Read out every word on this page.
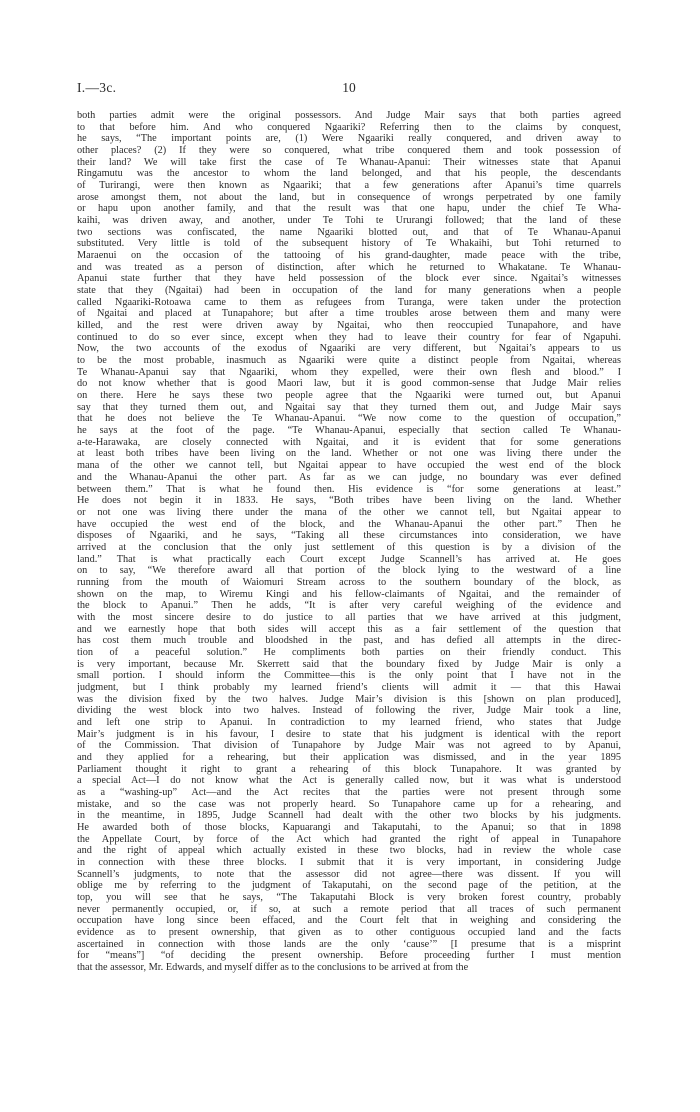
I.—3c.	10
both parties admit were the original possessors. And Judge Mair says that both parties agreed
to that before him. And who conquered Ngaariki? Referring then to the claims by conquest,
he says, “The important points are, (1) Were Ngaariki really conquered, and driven away to
other places? (2) If they were so conquered, what tribe conquered them and took possession of
their land? We will take first the case of Te Whanau-Apanui: Their witnesses state that Apanui
Ringamutu was the ancestor to whom the land belonged, and that his people, the descendants
of Turirangi, were then known as Ngaariki; that a few generations after Apanui’s time quarrels
arose amongst them, not about the land, but in consequence of wrongs perpetrated by one family
or hapu upon another family, and that the result was that one hapu, under the chief Te Wha-
kaihi, was driven away, and another, under Te Tohi te Ururangi followed; that the land of these
two sections was confiscated, the name Ngaariki blotted out, and that of Te Whanau-Apanui
substituted. Very little is told of the subsequent history of Te Whakaihi, but Tohi returned to
Maraenui on the occasion of the tattooing of his grand-daughter, made peace with the tribe,
and was treated as a person of distinction, after which he returned to Whakatane. Te Whanau-
Apanui state further that they have held possession of the block ever since. Ngaitai’s witnesses
state that they (Ngaitai) had been in occupation of the land for many generations when a people
called Ngaariki-Rotoawa came to them as refugees from Turanga, were taken under the protection
of Ngaitai and placed at Tunapahore; but after a time troubles arose between them and many were
killed, and the rest were driven away by Ngaitai, who then reoccupied Tunapahore, and have
continued to do so ever since, except when they had to leave their country for fear of Ngapuhi.
Now, the two accounts of the exodus of Ngaariki are very different, but Ngaitai’s appears to us
to be the most probable, inasmuch as Ngaariki were quite a distinct people from Ngaitai, whereas
Te Whanau-Apanui say that Ngaariki, whom they expelled, were their own flesh and blood.” I
do not know whether that is good Maori law, but it is good common-sense that Judge Mair relies
on there. Here he says these two people agree that the Ngaariki were turned out, but Apanui
say that they turned them out, and Ngaitai say that they turned them out, and Judge Mair says
that he does not believe the Te Whanau-Apanui. “We now come to the question of occupation,”
he says at the foot of the page. “Te Whanau-Apanui, especially that section called Te Whanau-
a-te-Harawaka, are closely connected with Ngaitai, and it is evident that for some generations
at least both tribes have been living on the land. Whether or not one was living there under the
mana of the other we cannot tell, but Ngaitai appear to have occupied the west end of the block
and the Whanau-Apanui the other part. As far as we can judge, no boundary was ever defined
between them.” That is what he found then. His evidence is “for some generations at least.”
He does not begin it in 1833. He says, “Both tribes have been living on the land. Whether
or not one was living there under the mana of the other we cannot tell, but Ngaitai appear to
have occupied the west end of the block, and the Whanau-Apanui the other part.” Then he
disposes of Ngaariki, and he says, “Taking all these circumstances into consideration, we have
arrived at the conclusion that the only just settlement of this question is by a division of the
land.” That is what practically each Court except Judge Scannell’s has arrived at. He goes
on to say, “We therefore award all that portion of the block lying to the westward of a line
running from the mouth of Waiomuri Stream across to the southern boundary of the block, as
shown on the map, to Wiremu Kingi and his fellow-claimants of Ngaitai, and the remainder of
the block to Apanui.” Then he adds, “It is after very careful weighing of the evidence and
with the most sincere desire to do justice to all parties that we have arrived at this judgment,
and we earnestly hope that both sides will accept this as a fair settlement of the question that
has cost them much trouble and bloodshed in the past, and has defied all attempts in the direc-
tion of a peaceful solution.” He compliments both parties on their friendly conduct. This
is very important, because Mr. Skerrett said that the boundary fixed by Judge Mair is only a
small portion. I should inform the Committee—this is the only point that I have not in the
judgment, but I think probably my learned friend’s clients will admit it — that this Hawai
was the division fixed by the two halves. Judge Mair’s division is this [shown on plan produced],
dividing the west block into two halves. Instead of following the river, Judge Mair took a line,
and left one strip to Apanui. In contradiction to my learned friend, who states that Judge
Mair’s judgment is in his favour, I desire to state that his judgment is identical with the report
of the Commission. That division of Tunapahore by Judge Mair was not agreed to by Apanui,
and they applied for a rehearing, but their application was dismissed, and in the year 1895
Parliament thought it right to grant a rehearing of this block Tunapahore. It was granted by
a special Act—I do not know what the Act is generally called now, but it was what is understood
as a “washing-up” Act—and the Act recites that the parties were not present through some
mistake, and so the case was not properly heard. So Tunapahore came up for a rehearing, and
in the meantime, in 1895, Judge Scannell had dealt with the other two blocks by his judgments.
He awarded both of those blocks, Kapuarangi and Takaputahi, to the Apanui; so that in 1898
the Appellate Court, by force of the Act which had granted the right of appeal in Tunapahore
and the right of appeal which actually existed in these two blocks, had in review the whole case
in connection with these three blocks. I submit that it is very important, in considering Judge
Scannell’s judgments, to note that the assessor did not agree—there was dissent. If you will
oblige me by referring to the judgment of Takaputahi, on the second page of the petition, at the
top, you will see that he says, “The Takaputahi Block is very broken forest country, probably
never permanently occupied, or, if so, at such a remote period that all traces of such permanent
occupation have long since been effaced, and the Court felt that in weighing and considering the
evidence as to present ownership, that given as to other contiguous occupied land and the facts
ascertained in connection with those lands are the only ‘cause’” [I presume that is a misprint
for “means”] “of deciding the present ownership. Before proceeding further I must mention
that the assessor, Mr. Edwards, and myself differ as to the conclusions to be arrived at from the
